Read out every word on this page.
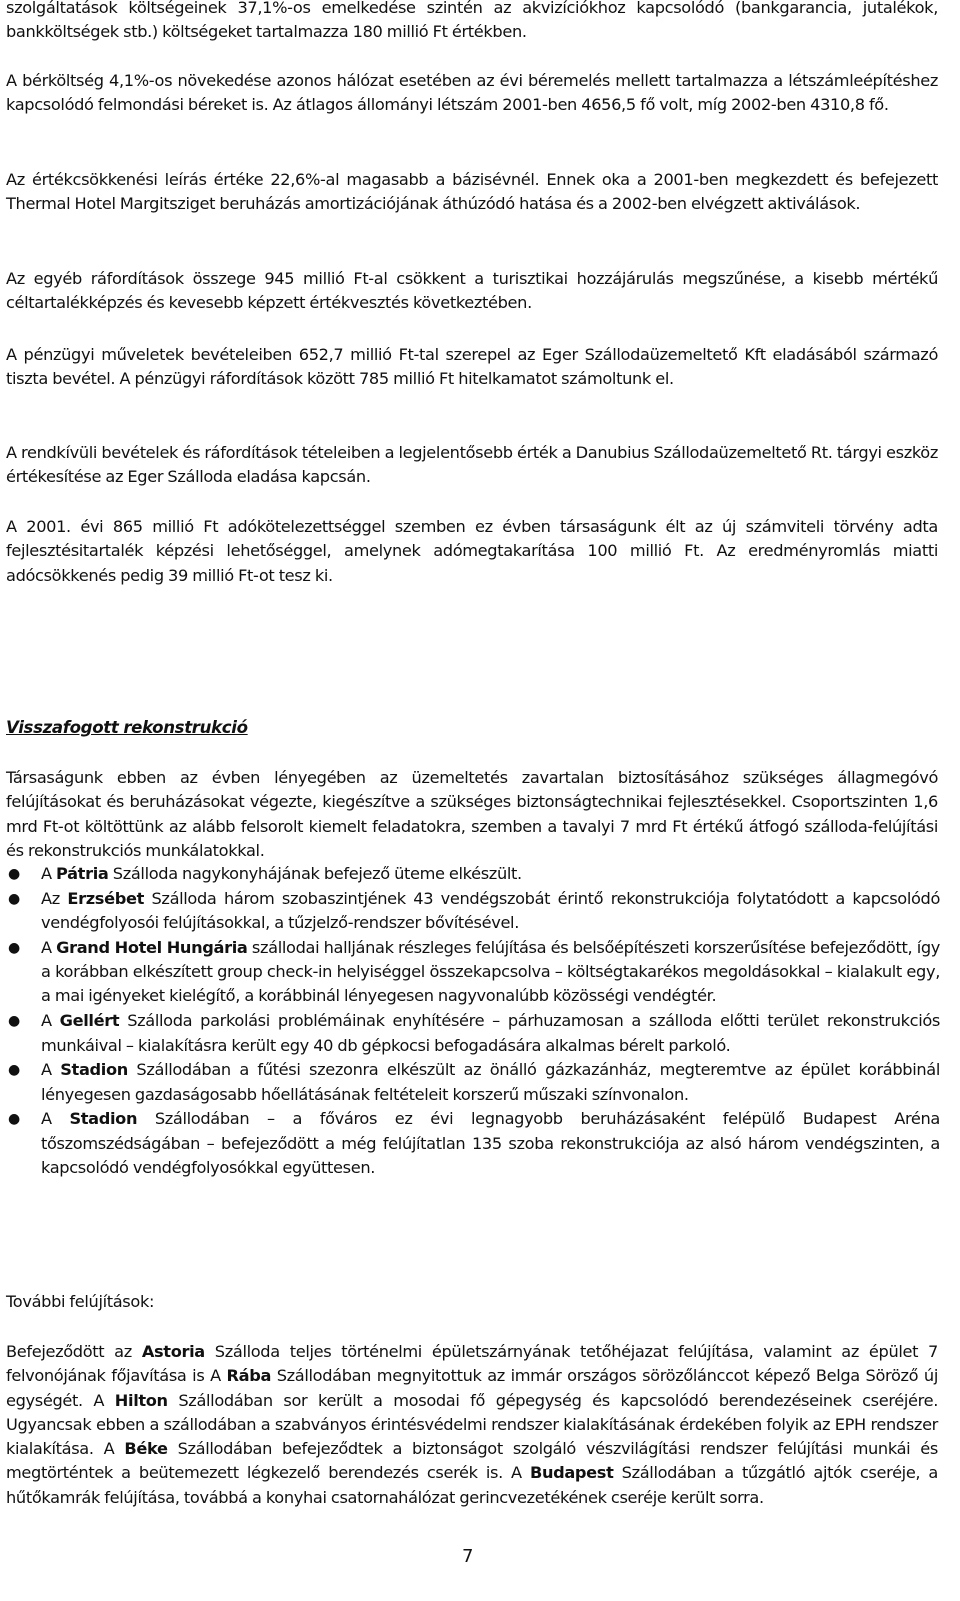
szolgáltatások költségeinek 37,1%-os emelkedése szintén az akvizíciókhoz kapcsolódó (bankgarancia, jutalékok, bankköltségek stb.) költségeket tartalmazza 180 millió Ft értékben.

A bérköltség 4,1%-os növekedése azonos hálózat esetében az évi béremelés mellett tartalmazza a létszámleépítéshez kapcsolódó felmondási béreket is. Az átlagos állományi létszám 2001-ben 4656,5 fő volt, míg 2002-ben 4310,8 fő.

Az értékcsökkenési leírás értéke 22,6%-al magasabb a bázisévnél. Ennek oka a 2001-ben megkezdett és befejezett Thermal Hotel Margitsziget beruházás amortizációjának áthúzódó hatása és a 2002-ben elvégzett aktiválások.

Az egyéb ráfordítások összege 945 millió Ft-al csökkent a turisztikai hozzájárulás megszűnése, a kisebb mértékű céltartalékképzés és kevesebb képzett értékvesztés következtében.

A pénzügyi műveletek bevételeiben 652,7 millió Ft-tal szerepel az Eger Szállodaüzemeltető Kft eladásából származó tiszta bevétel. A pénzügyi ráfordítások között 785 millió Ft hitelkamatot számoltunk el.

A rendkívüli bevételek és ráfordítások tételeiben a legjelentősebb érték a Danubius Szállodaüzemeltető Rt. tárgyi eszköz értékesítése az Eger Szálloda eladása kapcsán.

A 2001. évi 865 millió Ft adókötelezettséggel szemben ez évben társaságunk élt az új számviteli törvény adta fejlesztésitartalék képzési lehetőséggel, amelynek adómegtakarítása 100 millió Ft. Az eredményromlás miatti adócsökkenés pedig 39 millió Ft-ot tesz ki.

Visszafogott rekonstrukció

Társaságunk ebben az évben lényegében az üzemeltetés zavartalan biztosításához szükséges állagmegóvó felújításokat és beruházásokat végezte, kiegészítve a szükséges biztonságtechnikai fejlesztésekkel. Csoportszinten 1,6 mrd Ft-ot költöttünk az alább felsorolt kiemelt feladatokra, szemben a tavalyi 7 mrd Ft értékű átfogó szálloda-felújítási és rekonstrukciós munkálatokkal.

● A Pátria Szálloda nagykonyhájának befejező üteme elkészült.
● Az Erzsébet Szálloda három szobaszintjének 43 vendégszobát érintő rekonstrukciója folytatódott a kapcsolódó vendégfolyosói felújításokkal, a tűzjelző-rendszer bővítésével.
● A Grand Hotel Hungária szállodai halljának részleges felújítása és belsőépítészeti korszerűsítése befejeződött, így a korábban elkészített group check-in helyiséggel összekapcsolva – költségtakarékos megoldásokkal – kialakult egy, a mai igényeket kielégítő, a korábbinál lényegesen nagyvonalúbb közösségi vendégtér.
● A Gellért Szálloda parkolási problémáinak enyhítésére – párhuzamosan a szálloda előtti terület rekonstrukciós munkáival – kialakításra került egy 40 db gépkocsi befogadására alkalmas bérelt parkoló.
● A Stadion Szállodában a fűtési szezonra elkészült az önálló gázkazánház, megteremtve az épület korábbinál lényegesen gazdaságosabb hőellátásának feltételeit korszerű műszaki színvonalon.
● A Stadion Szállodában – a főváros ez évi legnagyobb beruházásaként felépülő Budapest Aréna tőszomszédságában – befejeződött a még felújítatlan 135 szoba rekonstrukciója az alsó három vendégszinten, a kapcsolódó vendégfolyosókkal együttesen.

További felújítások:

Befejeződött az Astoria Szálloda teljes történelmi épületszárnyának tetőhéjazat felújítása, valamint az épület 7 felvonójának főjavítása is A Rába Szállodában megnyitottuk az immár országos sörözőlánccot képező Belga Söröző új egységét. A Hilton Szállodában sor került a mosodai fő gépegység és kapcsolódó berendezéseinek cseréjére. Ugyancsak ebben a szállodában a szabványos érintésvédelmi rendszer kialakításának érdekében folyik az EPH rendszer kialakítása. A Béke Szállodában befejeződtek a biztonságot szolgáló vészvilágítási rendszer felújítási munkái és megtörténtek a beütemezett légkezelő berendezés cserék is. A Budapest Szállodában a tűzgátló ajtók cseréje, a hűtőkamrák felújítása, továbbá a konyhai csatornahálózat gerincvezetékének cseréje került sorra.

7
